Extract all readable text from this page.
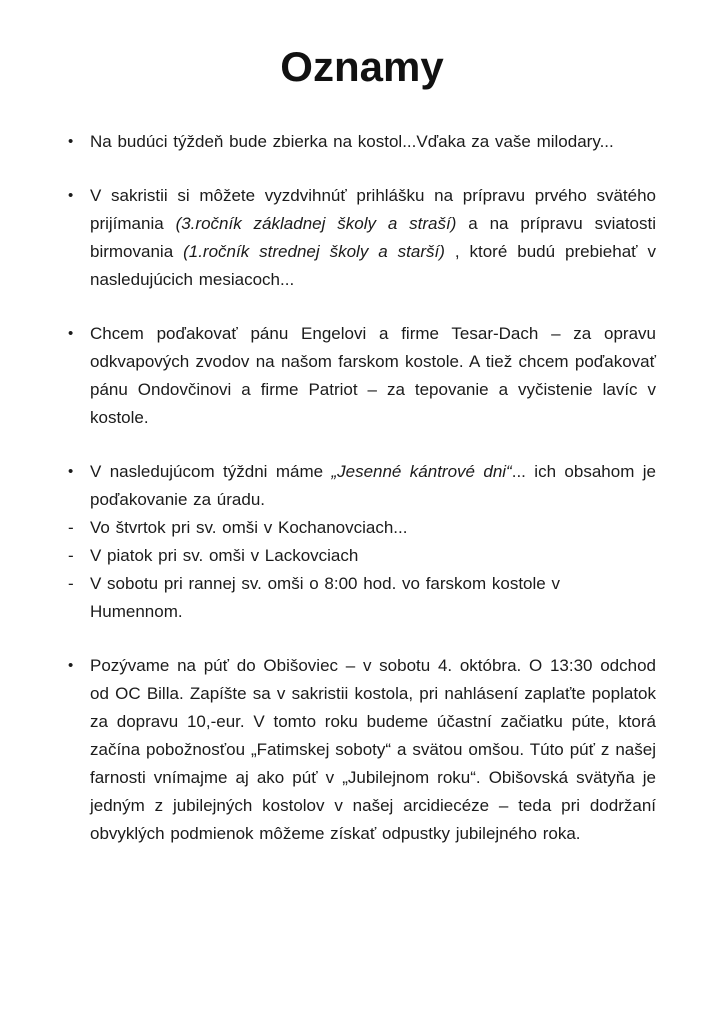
Oznamy
• Na budúci týždeň bude zbierka na kostol...Vďaka za vaše milodary...

• V sakristii si môžete vyzdvihnúť prihlášku na prípravu prvého svätého prijímania (3.ročník základnej školy a straší) a na prípravu sviatosti birmovania (1.ročník strednej školy a starší) , ktoré budú prebiehať v nasledujúcich mesiacoch...

• Chcem poďakovať pánu Engelovi a firme Tesar-Dach – za opravu odkvapových zvodov na našom farskom kostole. A tiež chcem poďakovať pánu Ondovčinovi a firme Patriot – za tepovanie a vyčistenie lavíc v kostole.

• V nasledujúcom týždni máme „Jesenné kántrové dni“... ich obsahom je poďakovanie za úradu.

- Vo štvrtok pri sv. omši v Kochanovciach...

- V piatok pri sv. omši v Lackovciach

- V sobotu pri rannej sv. omši o 8:00 hod. vo farskom kostole v Humennom.

• Pozývame na púť do Obišoviec – v sobotu 4. októbra. O 13:30 odchod od OC Billa. Zapíšte sa v sakristii kostola, pri nahlásení zaplaťte poplatok za dopravu 10,-eur. V tomto roku budeme účastní začiatku púte, ktorá začína pobožnosťou „Fatimskej soboty“ a svätou omšou. Túto púť z našej farnosti vnímajme aj ako púť v „Jubilejnom roku“. Obišovská svätyňa je jedným z jubilejných kostolov v našej arcidiecéze – teda pri dodržaní obvyklých podmienok môžeme získať odpustky jubilejného roka.
